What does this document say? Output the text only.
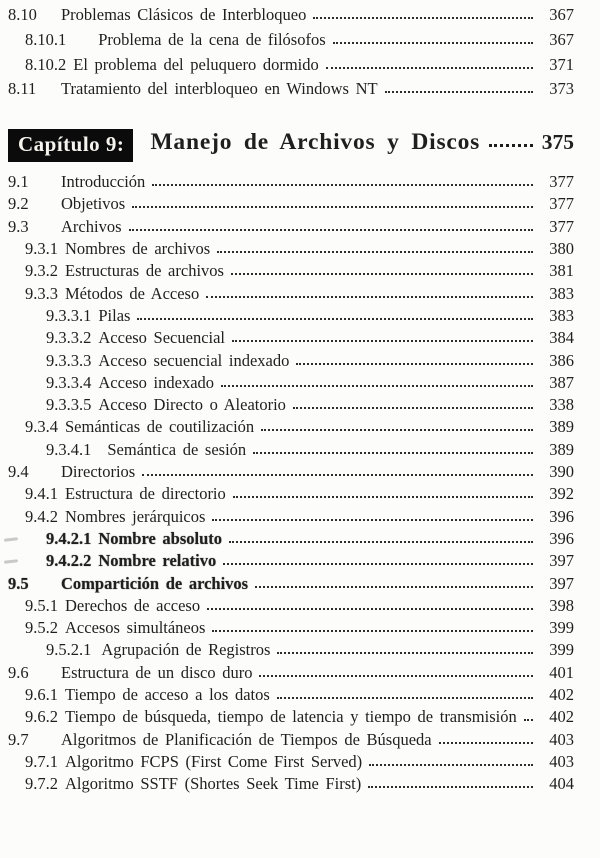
8.10	Problemas Clásicos de Interbloqueo	367
8.10.1 Problema de la cena de filósofos	367
8.10.2 El problema del peluquero dormido	371
8.11	Tratamiento del interbloqueo en Windows NT	373
Capítulo 9:	Manejo de Archivos y Discos	375
9.1	Introducción	377
9.2	Objetivos	377
9.3	Archivos	377
9.3.1 Nombres de archivos	380
9.3.2 Estructuras de archivos	381
9.3.3 Métodos de Acceso	383
9.3.3.1 Pilas	383
9.3.3.2 Acceso Secuencial	384
9.3.3.3 Acceso secuencial indexado	386
9.3.3.4 Acceso indexado	387
9.3.3.5 Acceso Directo o Aleatorio	338
9.3.4 Semánticas de coutilización	389
9.3.4.1 Semántica de sesión	389
9.4	Directorios	390
9.4.1 Estructura de directorio	392
9.4.2 Nombres jerárquicos	396
9.4.2.1 Nombre absoluto	396
9.4.2.2 Nombre relativo	397
9.5	Compartición de archivos	397
9.5.1 Derechos de acceso	398
9.5.2 Accesos simultáneos	399
9.5.2.1 Agrupación de Registros	399
9.6	Estructura de un disco duro	401
9.6.1 Tiempo de acceso a los datos	402
9.6.2 Tiempo de búsqueda, tiempo de latencia y tiempo de transmisión	402
9.7	Algoritmos de Planificación de Tiempos de Búsqueda	403
9.7.1 Algoritmo FCPS (First Come First Served)	403
9.7.2 Algoritmo SSTF (Shortes Seek Time First)	404
